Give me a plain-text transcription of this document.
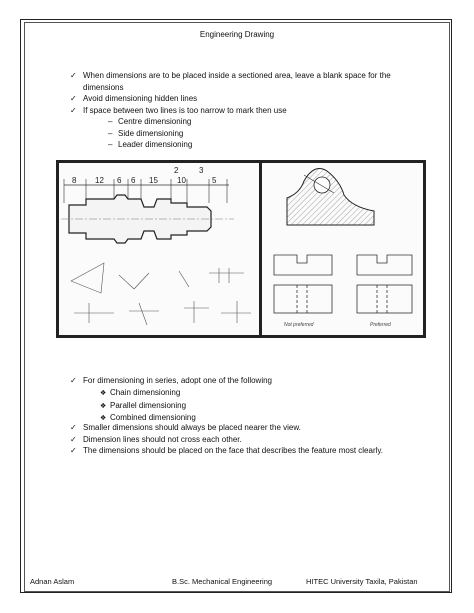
Engineering Drawing
✓ When dimensions are to be placed inside a sectioned area, leave a blank space for the
dimensions
✓ Avoid dimensioning hidden lines
✓ If space between two lines is too narrow to mark then use
– Centre dimensioning
– Side dimensioning
– Leader dimensioning
8 12 6 6 15
2
10
3
5
Not preferred	Preferred
✓ For dimensioning in series, adopt one of the following
❖ Chain dimensioning
❖ Parallel dimensioning
❖ Combined dimensioning
✓ Smaller dimensions should always be placed nearer the view.
✓ Dimension lines should not cross each other.
✓ The dimensions should be placed on the face that describes the feature most clearly.
Adnan Aslam	B.Sc. Mechanical Engineering	HITEC University Taxila, Pakistan
